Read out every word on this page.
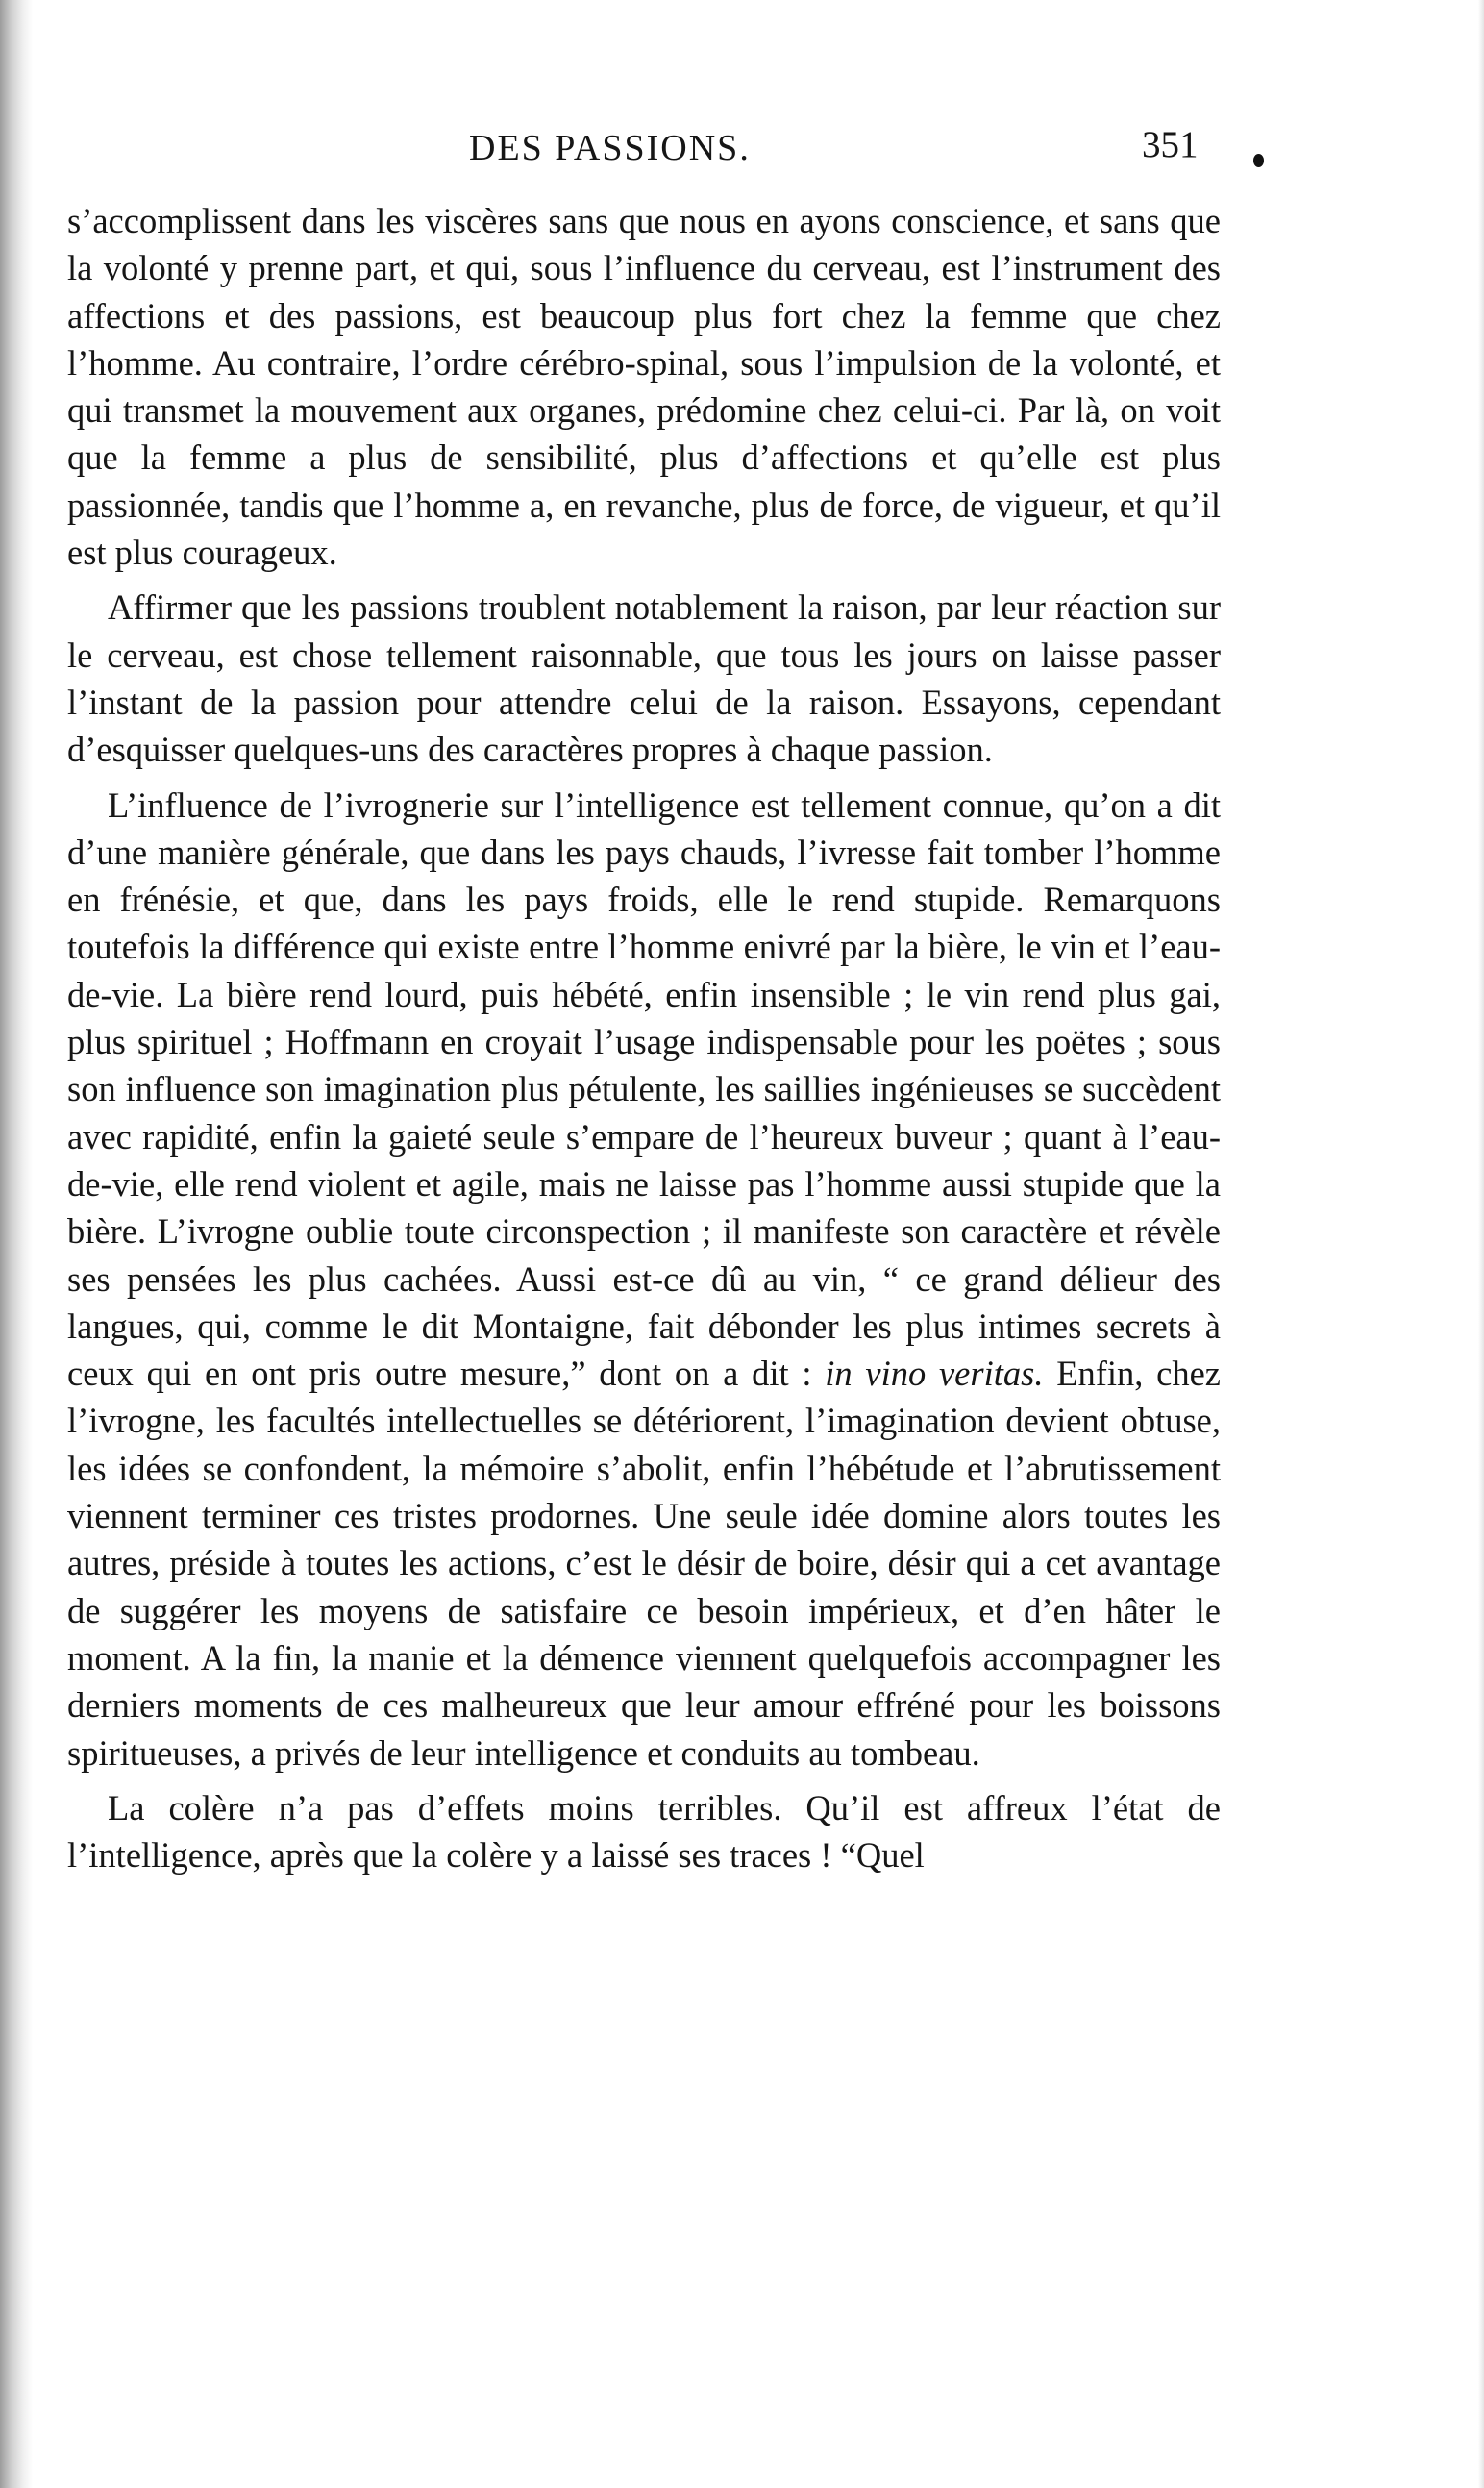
DES PASSIONS.	351

s’accomplissent dans les viscères sans que nous en ayons conscience, et sans que la volonté y prenne part, et qui, sous l’influence du cerveau, est l’instrument des affections et des passions, est beaucoup plus fort chez la femme que chez l’homme. Au contraire, l’ordre cérébro-spinal, sous l’impulsion de la volonté, et qui transmet la mouvement aux organes, prédomine chez celui-ci. Par là, on voit que la femme a plus de sensibilité, plus d’affections et qu’elle est plus passionnée, tandis que l’homme a, en revanche, plus de force, de vigueur, et qu’il est plus courageux.

Affirmer que les passions troublent notablement la raison, par leur réaction sur le cerveau, est chose tellement raisonnable, que tous les jours on laisse passer l’instant de la passion pour attendre celui de la raison. Essayons, cependant d’esquisser quelques-uns des caractères propres à chaque passion.

L’influence de l’ivrognerie sur l’intelligence est tellement connue, qu’on a dit d’une manière générale, que dans les pays chauds, l’ivresse fait tomber l’homme en frénésie, et que, dans les pays froids, elle le rend stupide. Remarquons toutefois la différence qui existe entre l’homme enivré par la bière, le vin et l’eau-de-vie. La bière rend lourd, puis hébété, enfin insensible ; le vin rend plus gai, plus spirituel ; Hoffmann en croyait l’usage indispensable pour les poëtes ; sous son influence son imagination plus pétulente, les saillies ingénieuses se succèdent avec rapidité, enfin la gaieté seule s’empare de l’heureux buveur ; quant à l’eau-de-vie, elle rend violent et agile, mais ne laisse pas l’homme aussi stupide que la bière. L’ivrogne oublie toute circonspection ; il manifeste son caractère et révèle ses pensées les plus cachées. Aussi est-ce dû au vin, “ ce grand délieur des langues, qui, comme le dit Montaigne, fait débonder les plus intimes secrets à ceux qui en ont pris outre mesure,” dont on a dit : in vino veritas. Enfin, chez l’ivrogne, les facultés intellectuelles se détériorent, l’imagination devient obtuse, les idées se confondent, la mémoire s’abolit, enfin l’hébétude et l’abrutissement viennent terminer ces tristes prodornes. Une seule idée domine alors toutes les autres, préside à toutes les actions, c’est le désir de boire, désir qui a cet avantage de suggérer les moyens de satisfaire ce besoin impérieux, et d’en hâter le moment. A la fin, la manie et la démence viennent quelquefois accompagner les derniers moments de ces malheureux que leur amour effréné pour les boissons spiritueuses, a privés de leur intelligence et conduits au tombeau.

La colère n’a pas d’effets moins terribles. Qu’il est affreux l’état de l’intelligence, après que la colère y a laissé ses traces ! “Quel
